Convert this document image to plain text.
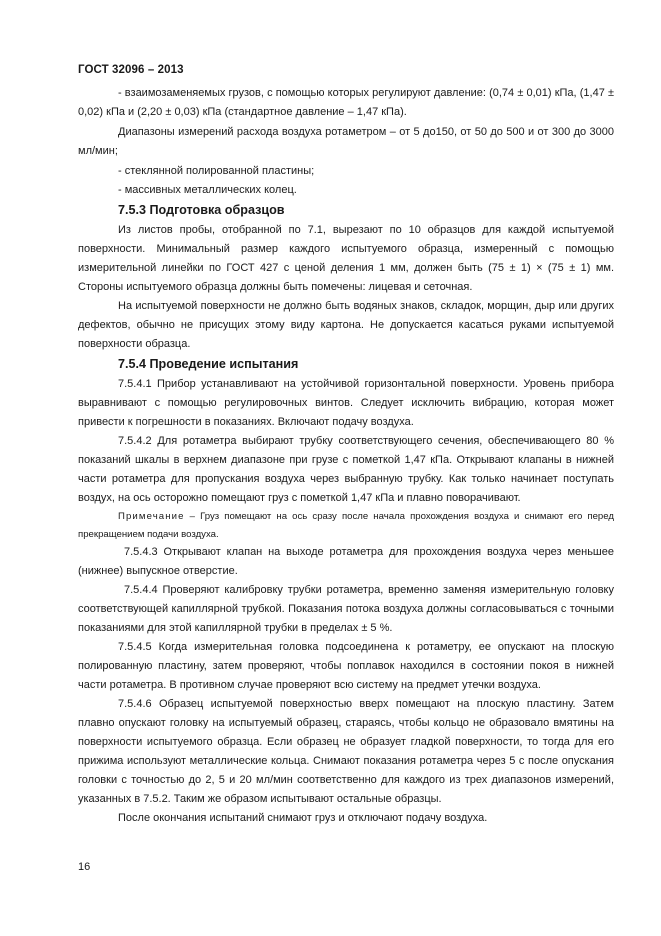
ГОСТ 32096 – 2013

- взаимозаменяемых грузов, с помощью которых регулируют давление: (0,74 ± 0,01) кПа, (1,47 ± 0,02) кПа и (2,20 ± 0,03) кПа (стандартное давление – 1,47 кПа).

Диапазоны измерений расхода воздуха ротаметром – от 5 до150, от 50 до 500 и от 300 до 3000 мл/мин;

- стеклянной полированной пластины;

- массивных металлических колец.

7.5.3 Подготовка образцов

Из листов пробы, отобранной по 7.1, вырезают по 10 образцов для каждой испытуемой поверхности. Минимальный размер каждого испытуемого образца, измеренный с помощью измерительной линейки по ГОСТ 427 с ценой деления 1 мм, должен быть (75 ± 1) × (75 ± 1) мм. Стороны испытуемого образца должны быть помечены: лицевая и сеточная.

На испытуемой поверхности не должно быть водяных знаков, складок, морщин, дыр или других дефектов, обычно не присущих этому виду картона. Не допускается касаться руками испытуемой поверхности образца.

7.5.4 Проведение испытания

7.5.4.1 Прибор устанавливают на устойчивой горизонтальной поверхности. Уровень прибора выравнивают с помощью регулировочных винтов. Следует исключить вибрацию, которая может привести к погрешности в показаниях. Включают подачу воздуха.

7.5.4.2 Для ротаметра выбирают трубку соответствующего сечения, обеспечивающего 80 % показаний шкалы в верхнем диапазоне при грузе с пометкой 1,47 кПа. Открывают клапаны в нижней части ротаметра для пропускания воздуха через выбранную трубку. Как только начинает поступать воздух, на ось осторожно помещают груз с пометкой 1,47 кПа и плавно поворачивают.

Примечание – Груз помещают на ось сразу после начала прохождения воздуха и снимают его перед прекращением подачи воздуха.

7.5.4.3 Открывают клапан на выходе ротаметра для прохождения воздуха через меньшее (нижнее) выпускное отверстие.

7.5.4.4 Проверяют калибровку трубки ротаметра, временно заменяя измерительную головку соответствующей капиллярной трубкой. Показания потока воздуха должны согласовываться с точными показаниями для этой капиллярной трубки в пределах ± 5 %.

7.5.4.5 Когда измерительная головка подсоединена к ротаметру, ее опускают на плоскую полированную пластину, затем проверяют, чтобы поплавок находился в состоянии покоя в нижней части ротаметра. В противном случае проверяют всю систему на предмет утечки воздуха.

7.5.4.6 Образец испытуемой поверхностью вверх помещают на плоскую пластину. Затем плавно опускают головку на испытуемый образец, стараясь, чтобы кольцо не образовало вмятины на поверхности испытуемого образца. Если образец не образует гладкой поверхности, то тогда для его прижима используют металлические кольца. Снимают показания ротаметра через 5 с после опускания головки с точностью до 2, 5 и 20 мл/мин соответственно для каждого из трех диапазонов измерений, указанных в 7.5.2. Таким же образом испытывают остальные образцы.

После окончания испытаний снимают груз и отключают подачу воздуха.

16
